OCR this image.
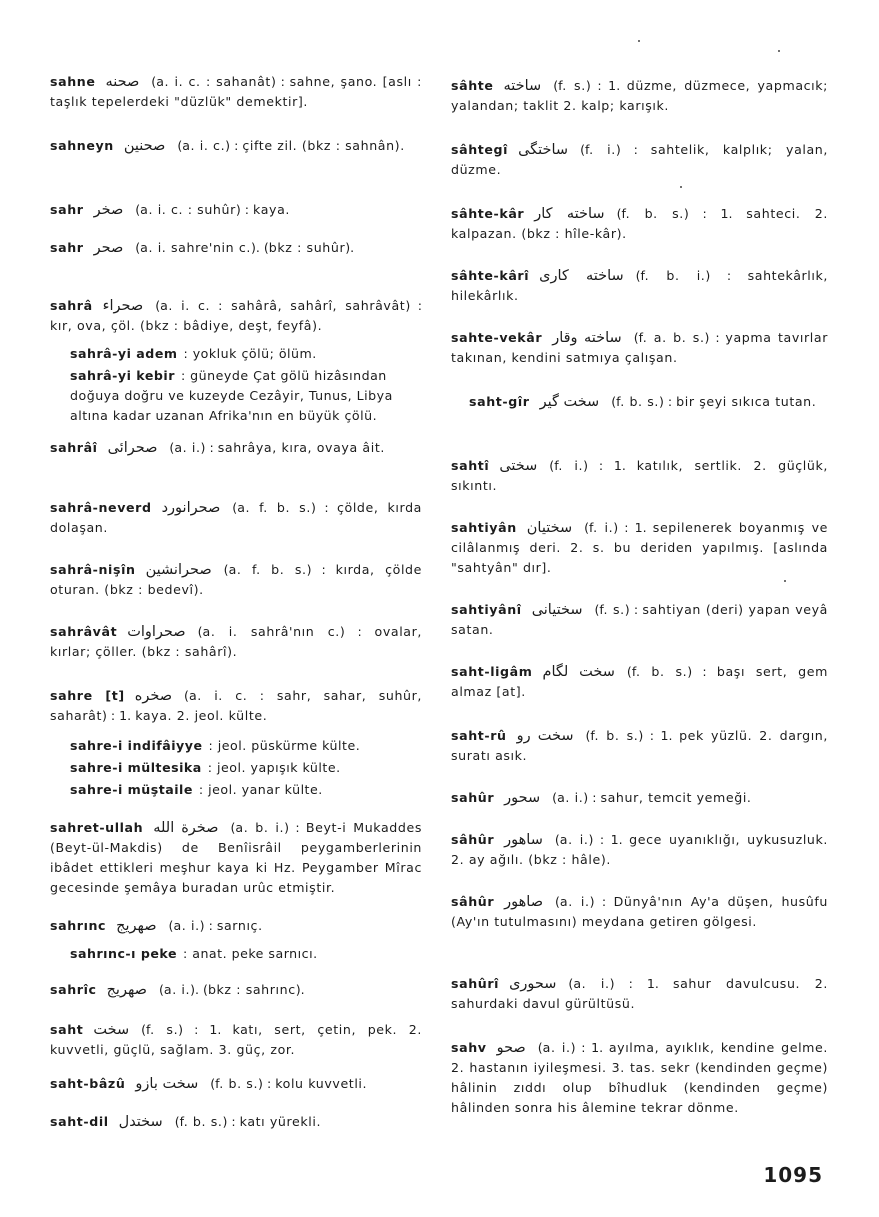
sahne صحنه (a. i. c. : sahanât) : sahne, şano. [aslı : taşlık tepelerdeki "düzlük" demektir].
sahneyn صحنين (a. i. c.) : çifte zil. (bkz : sahnân).
sahr صخر (a. i. c. : suhûr) : kaya.
sahr صحر (a. i. sahre'nin c.). (bkz : suhûr).
sahrâ صحراء (a. i. c. : sahârâ, sahârî, sahrâvât) : kır, ova, çöl. (bkz : bâdiye, deşt, feyfâ).
sahrâ-yi adem : yokluk çölü; ölüm.
sahrâ-yi kebir : güneyde Çat gölü hizâsından doğuya doğru ve kuzeyde Cezâyir, Tunus, Libya altına kadar uzanan Afrika'nın en büyük çölü.
sahrâî صحرائى (a. i.) : sahrâya, kıra, ovaya âit.
sahrâ-neverd صحرانورد (a. f. b. s.) : çölde, kırda dolaşan.
sahrâ-nişîn صحرانشين (a. f. b. s.) : kırda, çölde oturan. (bkz : bedevî).
sahrâvât صحراوات (a. i. sahrâ'nın c.) : ovalar, kırlar; çöller. (bkz : sahârî).
sahre [t] صخره (a. i. c. : sahr, sahar, suhûr, saharât) : 1. kaya. 2. jeol. külte.
sahre-i indifâiyye : jeol. püskürme külte.
sahre-i mültesika : jeol. yapışık külte.
sahre-i müştaile : jeol. yanar külte.
sahret-ullah صخرة الله (a. b. i.) : Beyt-i Mukaddes (Beyt-ül-Makdis) de Benîisrâil peygamberlerinin ibâdet ettikleri meşhur kaya ki Hz. Peygamber Mîrac gecesinde şemâya buradan urûc etmiştir.
sahrınc صهريج (a. i.) : sarnıç.
sahrınc-ı peke : anat. peke sarnıcı.
sahrîc صهريج (a. i.). (bkz : sahrınc).
saht سخت (f. s.) : 1. katı, sert, çetin, pek. 2. kuvvetli, güçlü, sağlam. 3. güç, zor.
saht-bâzû سخت بازو (f. b. s.) : kolu kuvvetli.
saht-dil سختدل (f. b. s.) : katı yürekli.
sâhte ساخته (f. s.) : 1. düzme, düzmece, yapmacık; yalandan; taklit 2. kalp; karışık.
sâhtegî ساختگى (f. i.) : sahtelik, kalplık; yalan, düzme.
sâhte-kâr ساخته كار (f. b. s.) : 1. sahteci. 2. kalpazan. (bkz : hîle-kâr).
sâhte-kârî ساخته كارى (f. b. i.) : sahtekârlık, hilekârlık.
sahte-vekâr ساخته وقار (f. a. b. s.) : yapma tavırlar takınan, kendini satmıya çalışan.
saht-gîr سخت گير (f. b. s.) : bir şeyi sıkıca tutan.
sahtî سختى (f. i.) : 1. katılık, sertlik. 2. güçlük, sıkıntı.
sahtiyân سختيان (f. i.) : 1. sepilenerek boyanmış ve cilâlanmış deri. 2. s. bu deriden yapılmış. [aslında "sahtyân" dır].
sahtiyânî سختيانى (f. s.) : sahtiyan (deri) yapan veyâ satan.
saht-ligâm سخت لگام (f. b. s.) : başı sert, gem almaz [at].
saht-rû سخت رو (f. b. s.) : 1. pek yüzlü. 2. dargın, suratı asık.
sahûr سحور (a. i.) : sahur, temcit yemeği.
sâhûr ساهور (a. i.) : 1. gece uyanıklığı, uykusuzluk. 2. ay ağılı. (bkz : hâle).
sâhûr صاهور (a. i.) : Dünyâ'nın Ay'a düşen, husûfu (Ay'ın tutulmasını) meydana getiren gölgesi.
sahûrî سحورى (a. i.) : 1. sahur davulcusu. 2. sahurdaki davul gürültüsü.
sahv صحو (a. i.) : 1. ayılma, ayıklık, kendine gelme. 2. hastanın iyileşmesi. 3. tas. sekr (kendinden geçme) hâlinin zıddı olup bîhudluk (kendinden geçme) hâlinden sonra his âlemine tekrar dönme.
1095
